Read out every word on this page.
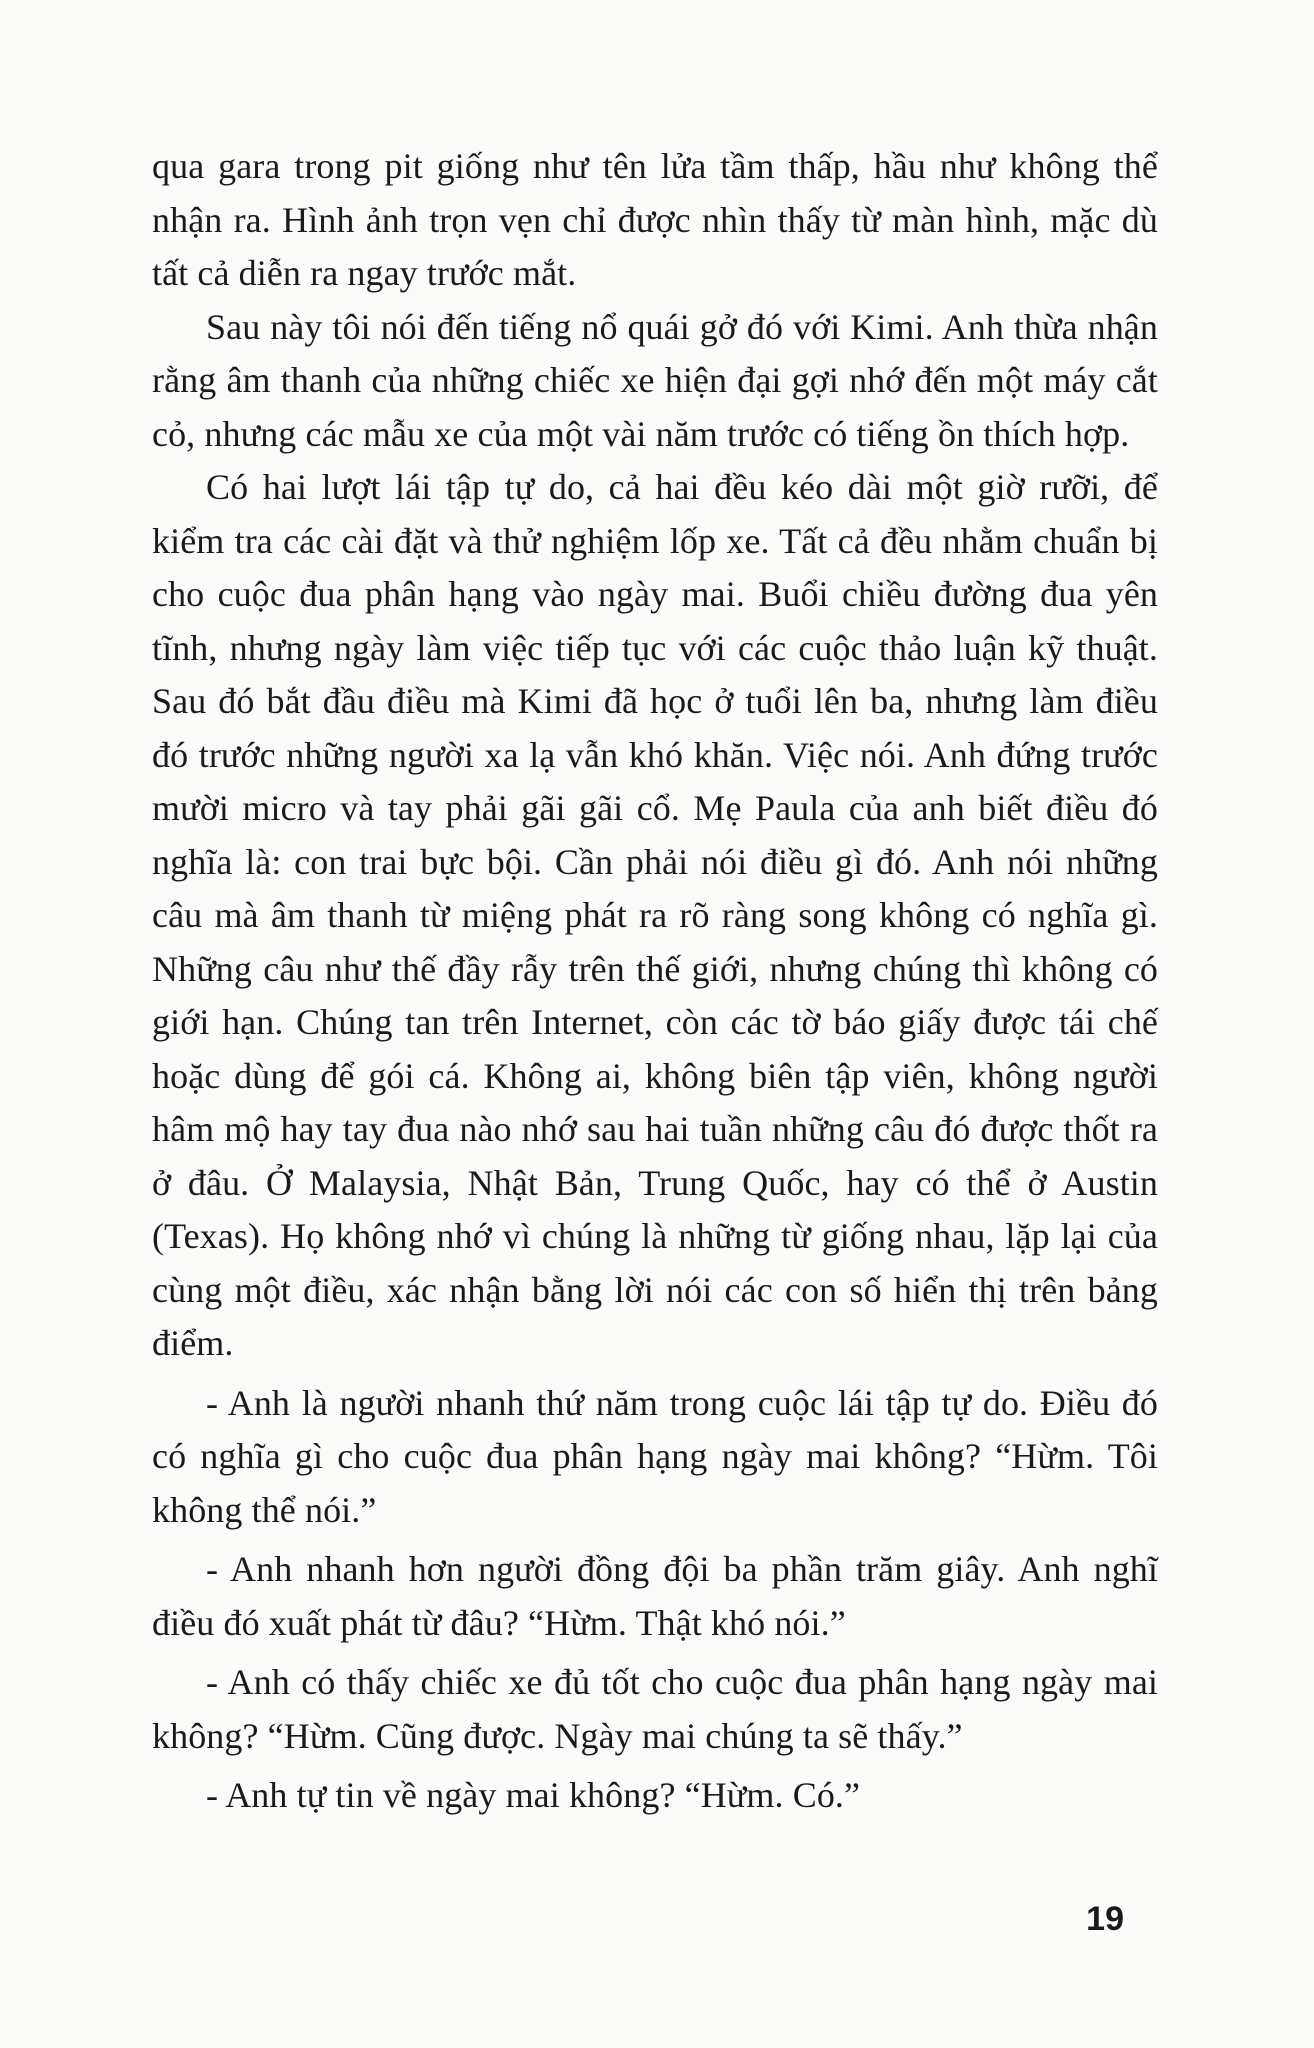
qua gara trong pit giống như tên lửa tầm thấp, hầu như không thể nhận ra. Hình ảnh trọn vẹn chỉ được nhìn thấy từ màn hình, mặc dù tất cả diễn ra ngay trước mắt.

Sau này tôi nói đến tiếng nổ quái gở đó với Kimi. Anh thừa nhận rằng âm thanh của những chiếc xe hiện đại gợi nhớ đến một máy cắt cỏ, nhưng các mẫu xe của một vài năm trước có tiếng ồn thích hợp.

Có hai lượt lái tập tự do, cả hai đều kéo dài một giờ rưỡi, để kiểm tra các cài đặt và thử nghiệm lốp xe. Tất cả đều nhằm chuẩn bị cho cuộc đua phân hạng vào ngày mai. Buổi chiều đường đua yên tĩnh, nhưng ngày làm việc tiếp tục với các cuộc thảo luận kỹ thuật. Sau đó bắt đầu điều mà Kimi đã học ở tuổi lên ba, nhưng làm điều đó trước những người xa lạ vẫn khó khăn. Việc nói. Anh đứng trước mười micro và tay phải gãi gãi cổ. Mẹ Paula của anh biết điều đó nghĩa là: con trai bực bội. Cần phải nói điều gì đó. Anh nói những câu mà âm thanh từ miệng phát ra rõ ràng song không có nghĩa gì. Những câu như thế đầy rẫy trên thế giới, nhưng chúng thì không có giới hạn. Chúng tan trên Internet, còn các tờ báo giấy được tái chế hoặc dùng để gói cá. Không ai, không biên tập viên, không người hâm mộ hay tay đua nào nhớ sau hai tuần những câu đó được thốt ra ở đâu. Ở Malaysia, Nhật Bản, Trung Quốc, hay có thể ở Austin (Texas). Họ không nhớ vì chúng là những từ giống nhau, lặp lại của cùng một điều, xác nhận bằng lời nói các con số hiển thị trên bảng điểm.

- Anh là người nhanh thứ năm trong cuộc lái tập tự do. Điều đó có nghĩa gì cho cuộc đua phân hạng ngày mai không? “Hừm. Tôi không thể nói.”

- Anh nhanh hơn người đồng đội ba phần trăm giây. Anh nghĩ điều đó xuất phát từ đâu? “Hừm. Thật khó nói.”

- Anh có thấy chiếc xe đủ tốt cho cuộc đua phân hạng ngày mai không? “Hừm. Cũng được. Ngày mai chúng ta sẽ thấy.”

- Anh tự tin về ngày mai không? “Hừm. Có.”

19
